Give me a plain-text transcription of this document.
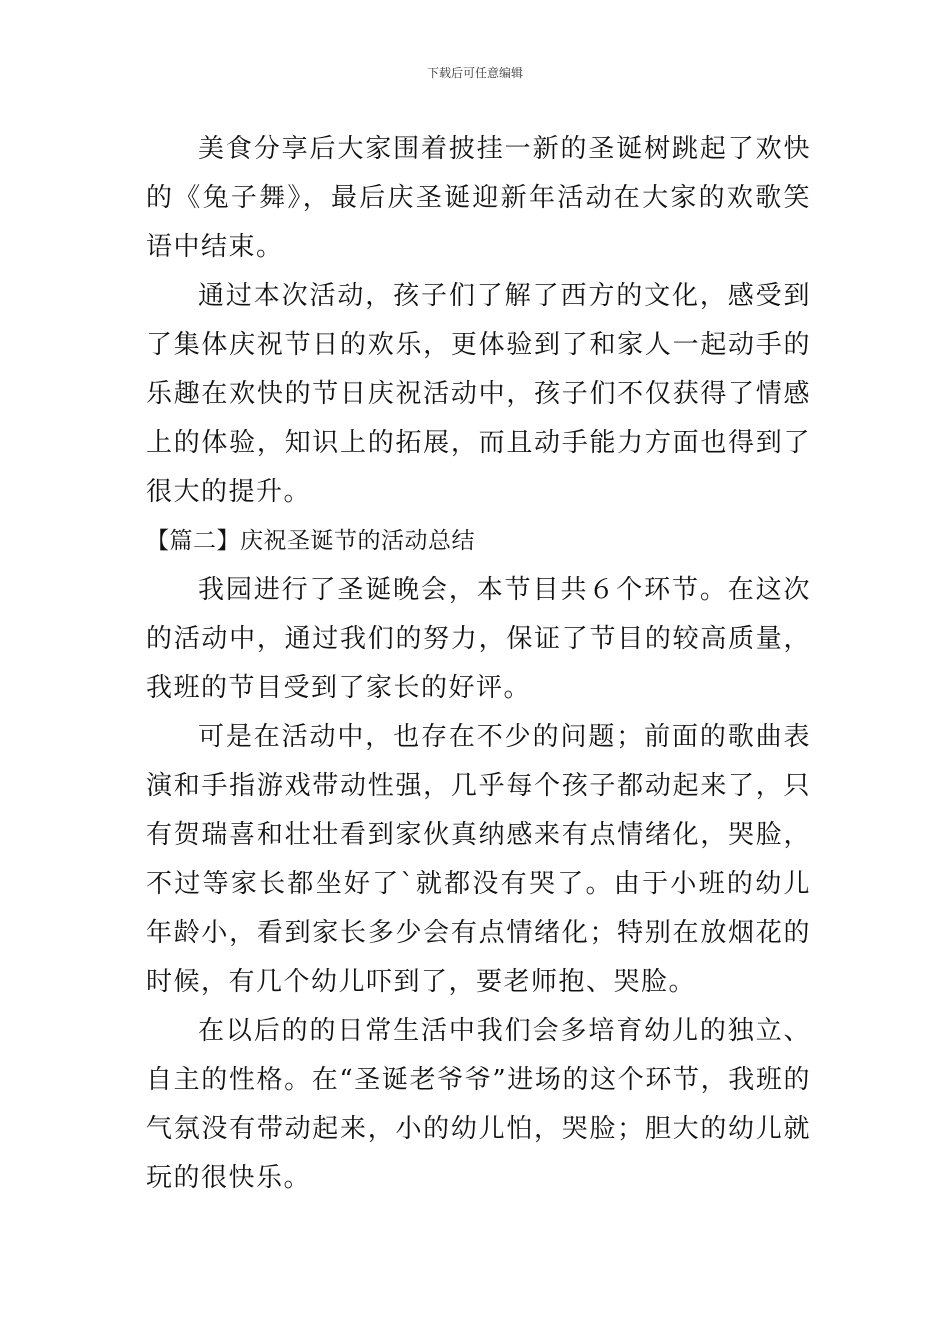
下载后可任意编辑

美食分享后大家围着披挂一新的圣诞树跳起了欢快的《兔子舞》，最后庆圣诞迎新年活动在大家的欢歌笑语中结束。

通过本次活动，孩子们了解了西方的文化，感受到了集体庆祝节日的欢乐，更体验到了和家人一起动手的乐趣在欢快的节日庆祝活动中，孩子们不仅获得了情感上的体验，知识上的拓展，而且动手能力方面也得到了很大的提升。

【篇二】庆祝圣诞节的活动总结

我园进行了圣诞晚会，本节目共６个环节。在这次的活动中，通过我们的努力，保证了节目的较高质量，我班的节目受到了家长的好评。

可是在活动中，也存在不少的问题；前面的歌曲表演和手指游戏带动性强，几乎每个孩子都动起来了，只有贺瑞喜和壮壮看到家伙真纳感来有点情绪化，哭脸，不过等家长都坐好了`就都没有哭了。由于小班的幼儿年龄小，看到家长多少会有点情绪化；特别在放烟花的时候，有几个幼儿吓到了，要老师抱、哭脸。

在以后的的日常生活中我们会多培育幼儿的独立、自主的性格。在“圣诞老爷爷”进场的这个环节，我班的气氛没有带动起来，小的幼儿怕，哭脸；胆大的幼儿就玩的很快乐。
